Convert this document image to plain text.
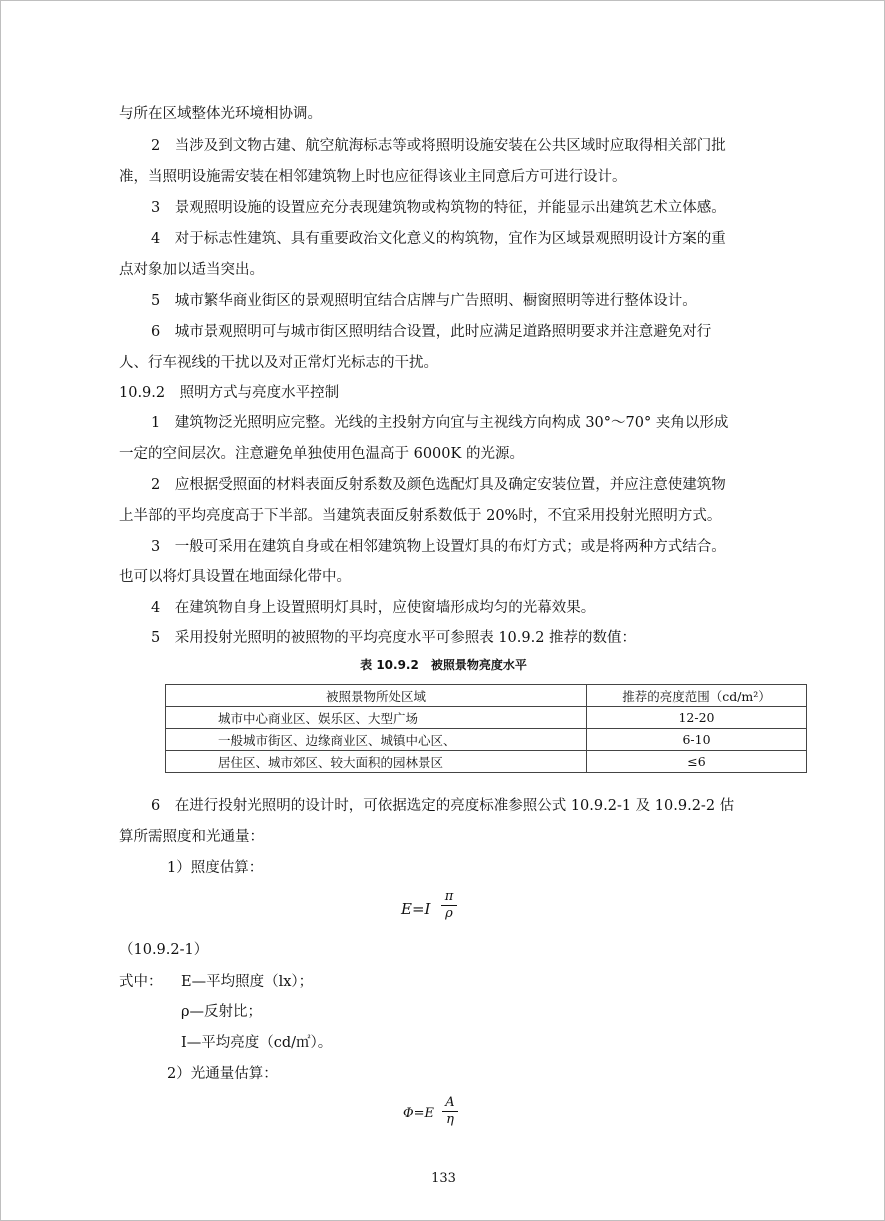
与所在区域整体光环境相协调。
2　当涉及到文物古建、航空航海标志等或将照明设施安装在公共区域时应取得相关部门批
准，当照明设施需安装在相邻建筑物上时也应征得该业主同意后方可进行设计。
3　景观照明设施的设置应充分表现建筑物或构筑物的特征，并能显示出建筑艺术立体感。
4　对于标志性建筑、具有重要政治文化意义的构筑物，宜作为区域景观照明设计方案的重
点对象加以适当突出。
5　城市繁华商业街区的景观照明宜结合店牌与广告照明、橱窗照明等进行整体设计。
6　城市景观照明可与城市街区照明结合设置，此时应满足道路照明要求并注意避免对行
人、行车视线的干扰以及对正常灯光标志的干扰。
10.9.2　照明方式与亮度水平控制
1　建筑物泛光照明应完整。光线的主投射方向宜与主视线方向构成 30°～70° 夹角以形成
一定的空间层次。注意避免单独使用色温高于 6000K 的光源。
2　应根据受照面的材料表面反射系数及颜色选配灯具及确定安装位置，并应注意使建筑物
上半部的平均亮度高于下半部。当建筑表面反射系数低于 20%时，不宜采用投射光照明方式。
3　一般可采用在建筑自身或在相邻建筑物上设置灯具的布灯方式；或是将两种方式结合。
也可以将灯具设置在地面绿化带中。
4　在建筑物自身上设置照明灯具时，应使窗墙形成均匀的光幕效果。
5　采用投射光照明的被照物的平均亮度水平可参照表 10.9.2 推荐的数值：
表 10.9.2　被照景物亮度水平
被照景物所处区域	推荐的亮度范围（cd/m²）
城市中心商业区、娱乐区、大型广场	12-20
一般城市街区、边缘商业区、城镇中心区、	6-10
居住区、城市郊区、较大面积的园林景区	≤6
6　在进行投射光照明的设计时，可依据选定的亮度标准参照公式 10.9.2-1 及 10.9.2-2 估
算所需照度和光通量：
1）照度估算：
$E=I \frac{\pi}{\rho}$
（10.9.2-1）
式中：	E—平均照度（lx）；
ρ—反射比；
I—平均亮度（cd/㎡）。
2）光通量估算：
$\Phi=E \frac{A}{\eta}$
133
